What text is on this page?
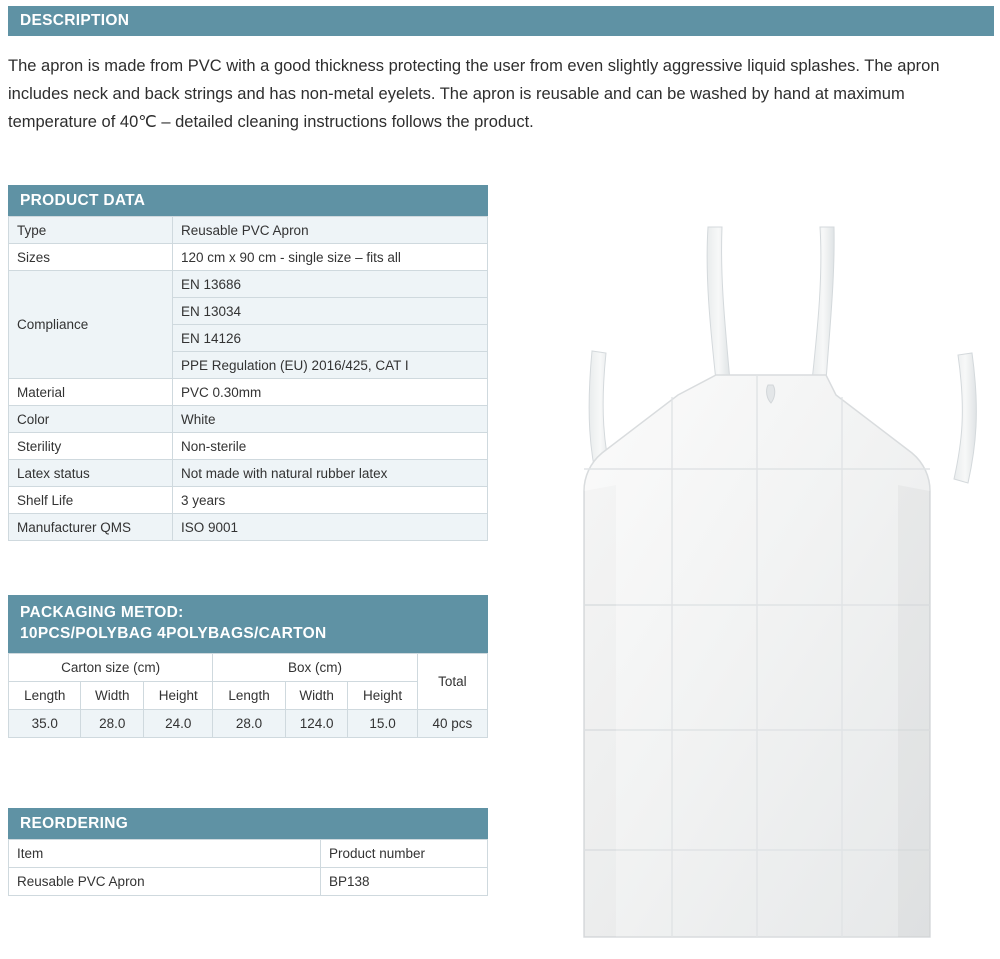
DESCRIPTION
The apron is made from PVC with a good thickness protecting the user from even slightly aggressive liquid splashes. The apron includes neck and back strings and has non-metal eyelets. The apron is reusable and can be washed by hand at maximum temperature of 40℃ – detailed cleaning instructions follows the product.
PRODUCT DATA
Type	Reusable PVC Apron
Sizes	120 cm x 90 cm - single size – fits all
Compliance	EN 13686
	EN 13034
	EN 14126
	PPE Regulation (EU) 2016/425, CAT I
Material	PVC 0.30mm
Color	White
Sterility	Non-sterile
Latex status	Not made with natural rubber latex
Shelf Life	3 years
Manufacturer QMS	ISO 9001
PACKAGING METOD:
10PCS/POLYBAG 4POLYBAGS/CARTON
Carton size (cm)			Box (cm)			Total
Length	Width	Height	Length	Width	Height	
35.0	28.0	24.0	28.0	124.0	15.0	40 pcs
REORDERING
Item	Product number
Reusable PVC Apron	BP138
